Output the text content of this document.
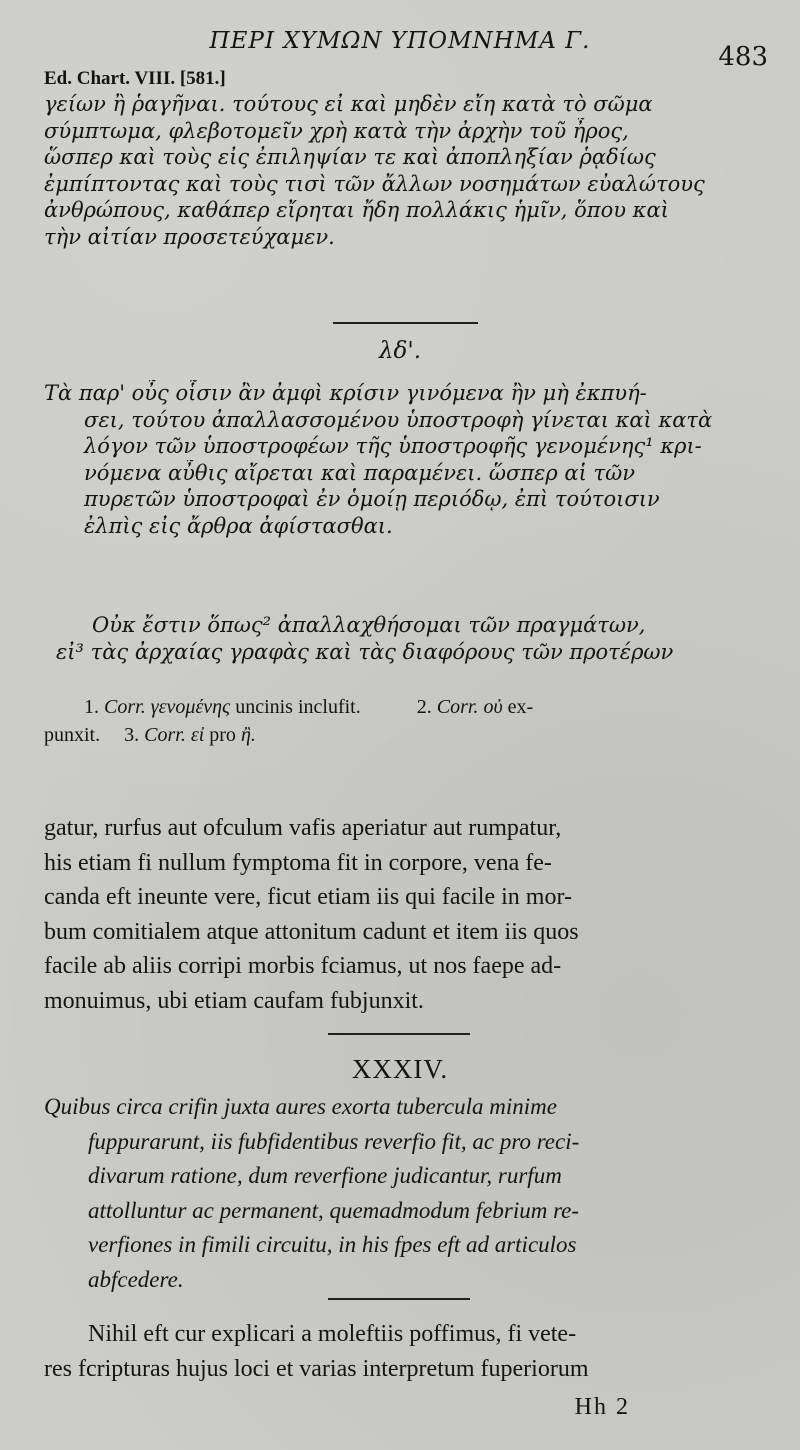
ΠΕΡΙ ΧΥΜΩΝ ΥΠΟΜΝΗΜΑ Γ.
483
Ed. Chart. VIII. [581.]
γείων ἢ ῥαγῆναι. τούτους εἰ καὶ μηδὲν εἴη κατὰ τὸ σῶμα
σύμπτωμα, φλεβοτομεῖν χρὴ κατὰ τὴν ἀρχὴν τοῦ ἦρος,
ὥσπερ καὶ τοὺς εἰς ἐπιληψίαν τε καὶ ἀποπληξίαν ῥᾳδίως
ἐμπίπτοντας καὶ τοὺς τισὶ τῶν ἄλλων νοσημάτων εὐαλώτους
ἀνθρώπους, καθάπερ εἴρηται ἤδη πολλάκις ἡμῖν, ὅπου καὶ
τὴν αἰτίαν προσετεύχαμεν.
λδ'.
Τὰ παρ' οὖς οἷσιν ἂν ἀμφὶ κρίσιν γινόμενα ἢν μὴ ἐκπυή-
σει, τούτου ἀπαλλασσομένου ὑποστροφὴ γίνεται καὶ κατὰ
λόγον τῶν ὑποστροφέων τῆς ὑποστροφῆς γενομένης¹ κρι-
νόμενα αὖθις αἴρεται καὶ παραμένει. ὥσπερ αἱ τῶν
πυρετῶν ὑποστροφαὶ ἐν ὁμοίῃ περιόδῳ, ἐπὶ τούτοισιν
ἐλπὶς εἰς ἄρθρα ἀφίστασθαι.
Οὐκ ἔστιν ὅπως² ἀπαλλαχθήσομαι τῶν πραγμάτων,
εἰ³ τὰς ἀρχαίας γραφὰς καὶ τὰς διαφόρους τῶν προτέρων
1. Corr. γενομένης uncinis inclufit.	2. Corr. οὐ ex-
punxit. 3. Corr. εἰ pro ἢ.
gatur, rurfus aut ofculum vafis aperiatur aut rumpatur,
his etiam fi nullum fymptoma fit in corpore, vena fe-
canda eft ineunte vere, ficut etiam iis qui facile in mor-
bum comitialem atque attonitum cadunt et item iis quos
facile ab aliis corripi morbis fciamus, ut nos faepe ad-
monuimus, ubi etiam caufam fubjunxit.
XXXIV.
Quibus circa crifin juxta aures exorta tubercula minime
fuppurarunt, iis fubfidentibus reverfio fit, ac pro reci-
divarum ratione, dum reverfione judicantur, rurfum
attolluntur ac permanent, quemadmodum febrium re-
verfiones in fimili circuitu, in his fpes eft ad articulos
abfcedere.
Nihil eft cur explicari a moleftiis poffimus, fi vete-
res fcripturas hujus loci et varias interpretum fuperiorum
Hh 2
